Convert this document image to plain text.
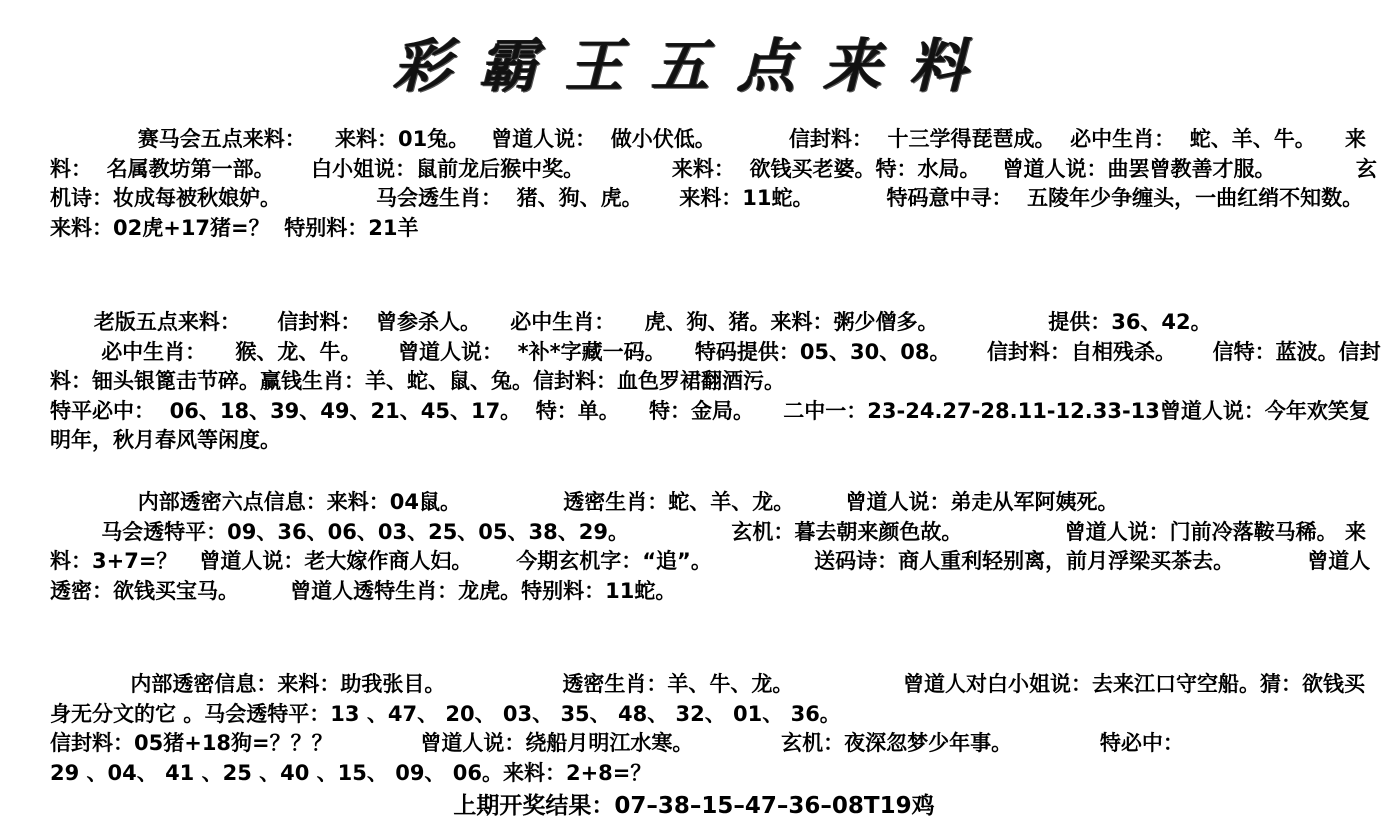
彩霸王五点来料
赛马会五点来料：    来料：01兔。   曾道人说：  做小伏低。          信封料：  十三学得琵琶成。  必中生肖：  蛇、羊、牛。    来料：  名属教坊第一部。     白小姐说：鼠前龙后猴中奖。            来料：  欲钱买老婆。特：水局。   曾道人说：曲罢曾教善才服。           玄机诗：妆成每被秋娘妒。             马会透生肖：  猪、狗、虎。     来料：11蛇。          特码意中寻：  五陵年少争缠头，一曲红绡不知数。 来料：02虎+17猪=？  特别料：21羊
老版五点来料：     信封料：  曾参杀人。    必中生肖：    虎、狗、猪。来料：粥少僧多。               提供：36、42。
必中生肖：    猴、龙、牛。     曾道人说：  *补*字藏一码。    特码提供：05、30、08。     信封料：自相残杀。     信特：蓝波。信封料：钿头银篦击节碎。赢钱生肖：羊、蛇、鼠、兔。信封料：血色罗裙翻酒污。
特平必中：  06、18、39、49、21、45、17。  特：单。    特：金局。    二中一：23-24.27-28.11-12.33-13曾道人说：今年欢笑复明年，秋月春风等闲度。
内部透密六点信息：来料：04鼠。              透密生肖：蛇、羊、龙。       曾道人说：弟走从军阿姨死。
马会透特平：09、36、06、03、25、05、38、29。              玄机：暮去朝来颜色故。              曾道人说：门前冷落鞍马稀。 来料：3+7=？   曾道人说：老大嫁作商人妇。      今期玄机字：“追”。              送码诗：商人重利轻别离，前月浮梁买茶去。          曾道人透密：欲钱买宝马。       曾道人透特生肖：龙虎。特别料：11蛇。
内部透密信息：来料：助我张目。                透密生肖：羊、牛、龙。               曾道人对白小姐说：去来江口守空船。猜：欲钱买身无分文的它 。马会透特平：13 、47、 20、 03、 35、 48、 32、 01、 36。
信封料：05猪+18狗=？？？            曾道人说：绕船月明江水寒。            玄机：夜深忽梦少年事。            特必中：
29 、04、 41 、25 、40 、15、 09、 06。来料：2+8=？
上期开奖结果：07–38–15–47–36–08T19鸡
